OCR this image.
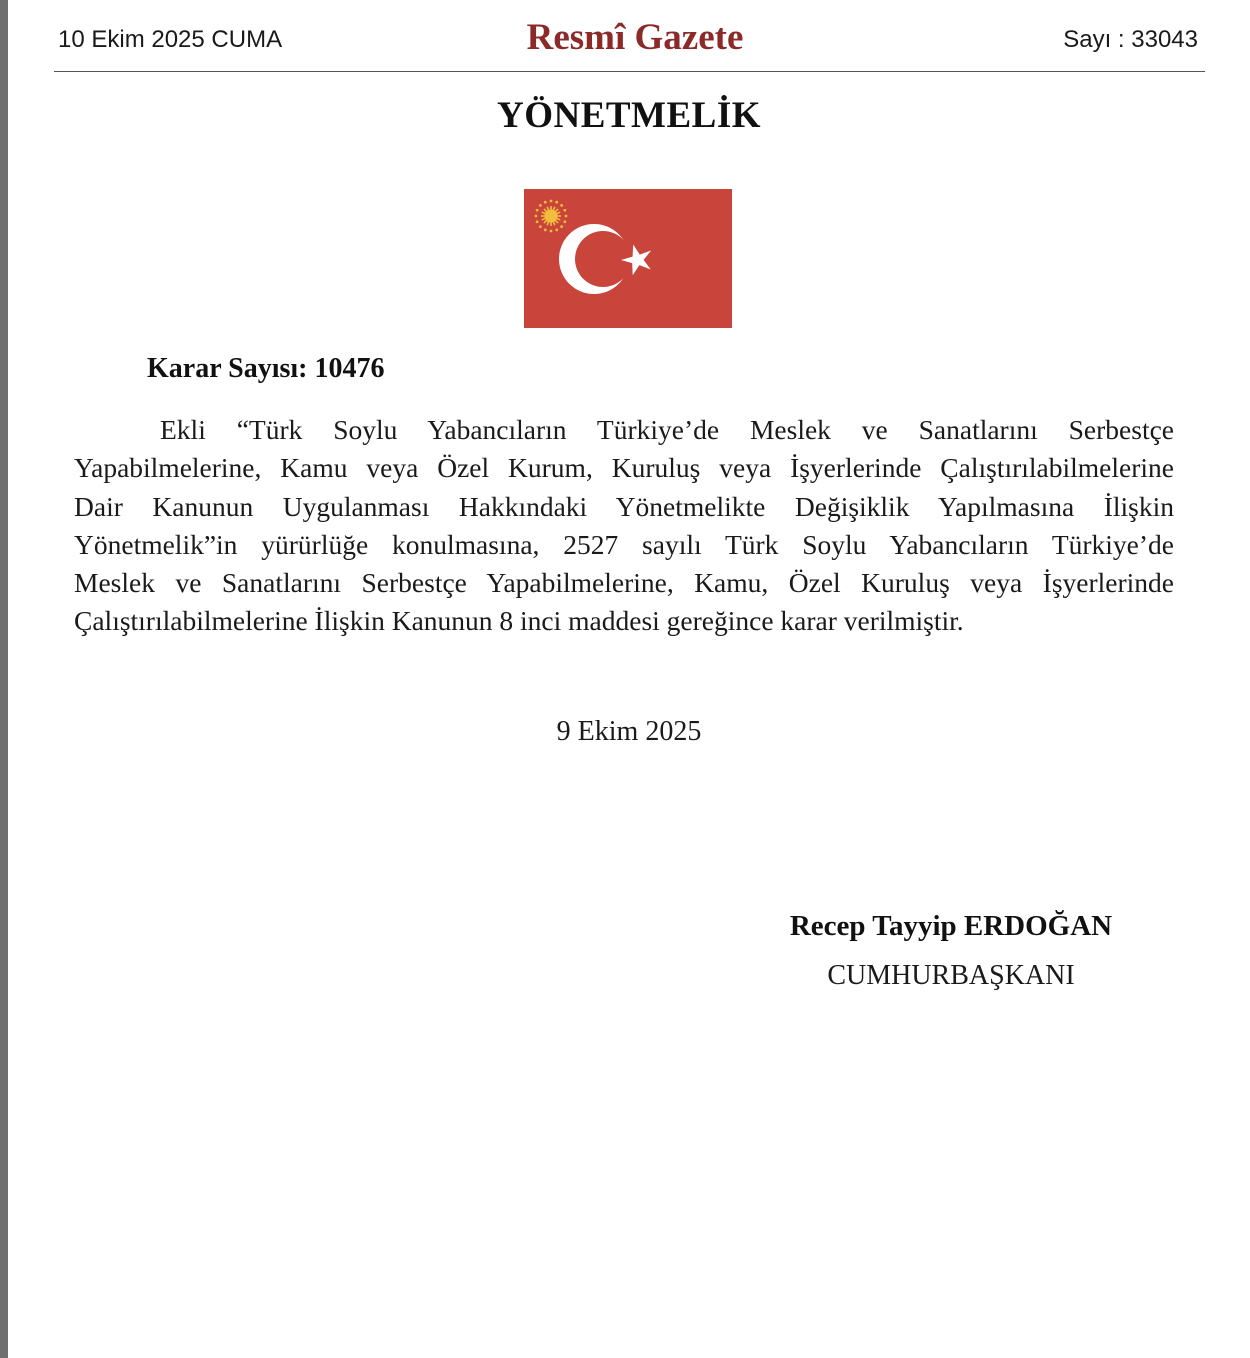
10 Ekim 2025 CUMA	Resmî Gazete	Sayı : 33043
YÖNETMELİK
Karar Sayısı: 10476
Ekli “Türk Soylu Yabancıların Türkiye’de Meslek ve Sanatlarını Serbestçe
Yapabilmelerine, Kamu veya Özel Kurum, Kuruluş veya İşyerlerinde Çalıştırılabilmelerine
Dair Kanunun Uygulanması Hakkındaki Yönetmelikte Değişiklik Yapılmasına İlişkin
Yönetmelik”in yürürlüğe konulmasına, 2527 sayılı Türk Soylu Yabancıların Türkiye’de
Meslek ve Sanatlarını Serbestçe Yapabilmelerine, Kamu, Özel Kuruluş veya İşyerlerinde
Çalıştırılabilmelerine İlişkin Kanunun 8 inci maddesi gereğince karar verilmiştir.
9 Ekim 2025
Recep Tayyip ERDOĞAN
CUMHURBAŞKANI
